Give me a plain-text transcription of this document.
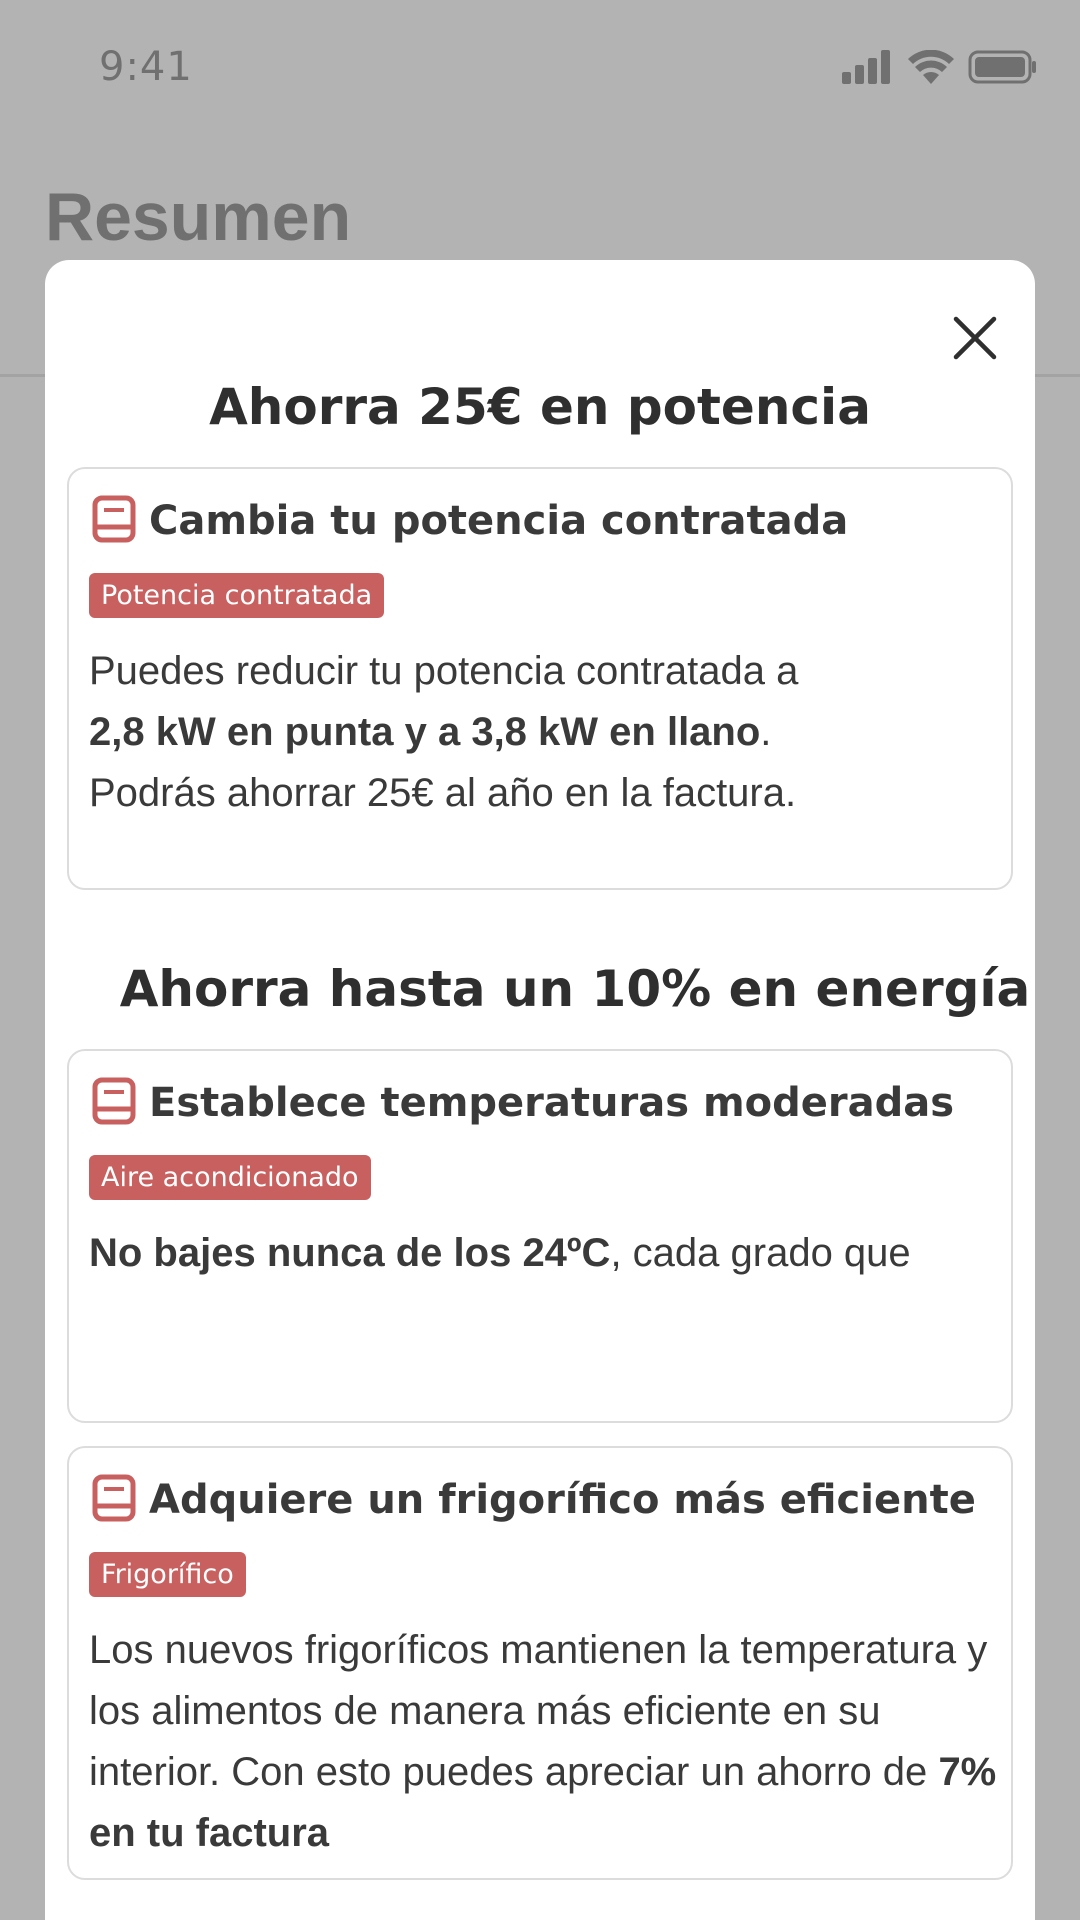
9:41
Resumen
Ahorra 25€ en potencia
Cambia tu potencia contratada
Potencia contratada
Puedes reducir tu potencia contratada a
2,8 kW en punta y a 3,8 kW en llano.
Podrás ahorrar 25€ al año en la factura.
Ahorra hasta un 10% en energía
Establece temperaturas moderadas
Aire acondicionado
No bajes nunca de los 24ºC, cada grado que
Adquiere un frigorífico más eficiente
Frigorífico
Los nuevos frigoríficos mantienen la temperatura y los alimentos de manera más eficiente en su interior. Con esto puedes apreciar un ahorro de 7% en tu factura
